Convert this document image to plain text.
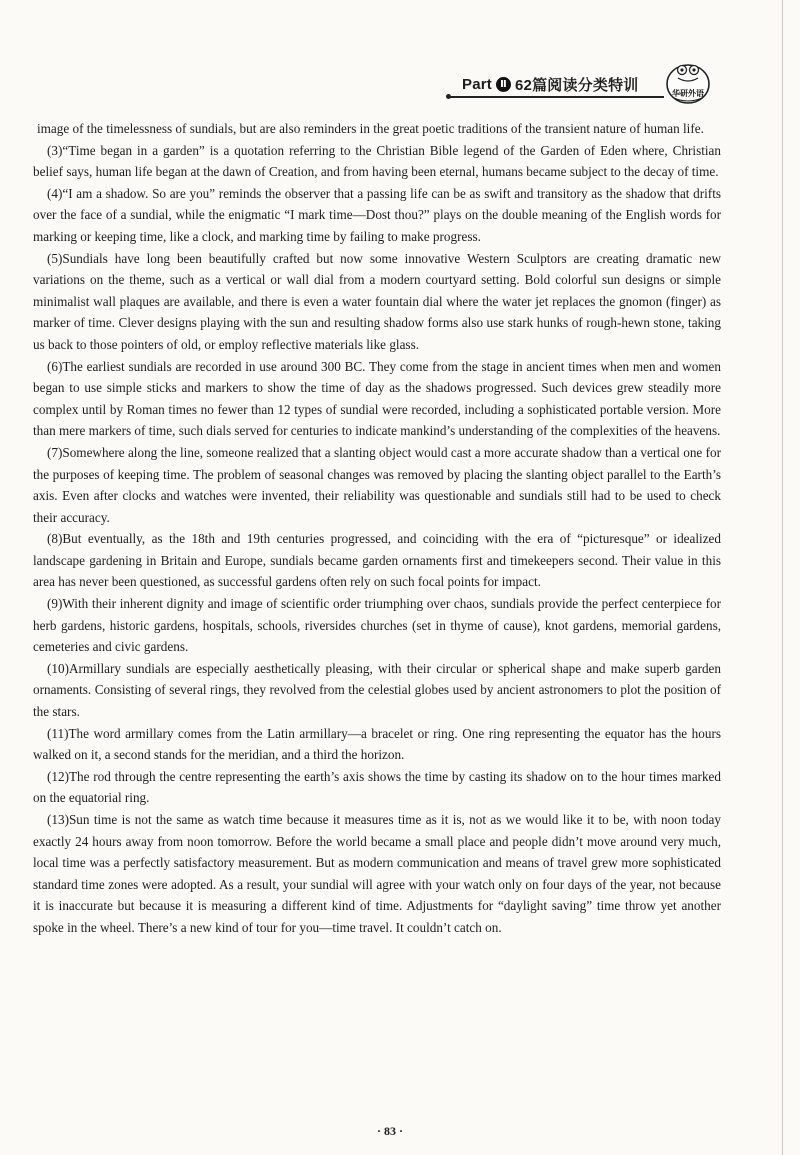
Part Ⅱ 62篇阅读分类特训	华研外语

image of the timelessness of sundials, but are also reminders in the great poetic traditions of the transient nature of human life.

(3)“Time began in a garden” is a quotation referring to the Christian Bible legend of the Garden of Eden where, Christian belief says, human life began at the dawn of Creation, and from having been eternal, humans became subject to the decay of time.

(4)“I am a shadow. So are you” reminds the observer that a passing life can be as swift and transitory as the shadow that drifts over the face of a sundial, while the enigmatic “I mark time—Dost thou?” plays on the double meaning of the English words for marking or keeping time, like a clock, and marking time by failing to make progress.

(5)Sundials have long been beautifully crafted but now some innovative Western Sculptors are creating dramatic new variations on the theme, such as a vertical or wall dial from a modern courtyard setting. Bold colorful sun designs or simple minimalist wall plaques are available, and there is even a water fountain dial where the water jet replaces the gnomon (finger) as marker of time. Clever designs playing with the sun and resulting shadow forms also use stark hunks of rough-hewn stone, taking us back to those pointers of old, or employ reflective materials like glass.

(6)The earliest sundials are recorded in use around 300 BC. They come from the stage in ancient times when men and women began to use simple sticks and markers to show the time of day as the shadows progressed. Such devices grew steadily more complex until by Roman times no fewer than 12 types of sundial were recorded, including a sophisticated portable version. More than mere markers of time, such dials served for centuries to indicate mankind’s understanding of the complexities of the heavens.

(7)Somewhere along the line, someone realized that a slanting object would cast a more accurate shadow than a vertical one for the purposes of keeping time. The problem of seasonal changes was removed by placing the slanting object parallel to the Earth’s axis. Even after clocks and watches were invented, their reliability was questionable and sundials still had to be used to check their accuracy.

(8)But eventually, as the 18th and 19th centuries progressed, and coinciding with the era of “picturesque” or idealized landscape gardening in Britain and Europe, sundials became garden ornaments first and timekeepers second. Their value in this area has never been questioned, as successful gardens often rely on such focal points for impact.

(9)With their inherent dignity and image of scientific order triumphing over chaos, sundials provide the perfect centerpiece for herb gardens, historic gardens, hospitals, schools, riversides churches (set in thyme of cause), knot gardens, memorial gardens, cemeteries and civic gardens.

(10)Armillary sundials are especially aesthetically pleasing, with their circular or spherical shape and make superb garden ornaments. Consisting of several rings, they revolved from the celestial globes used by ancient astronomers to plot the position of the stars.

(11)The word armillary comes from the Latin armillary—a bracelet or ring. One ring representing the equator has the hours walked on it, a second stands for the meridian, and a third the horizon.

(12)The rod through the centre representing the earth’s axis shows the time by casting its shadow on to the hour times marked on the equatorial ring.

(13)Sun time is not the same as watch time because it measures time as it is, not as we would like it to be, with noon today exactly 24 hours away from noon tomorrow. Before the world became a small place and people didn’t move around very much, local time was a perfectly satisfactory measurement. But as modern communication and means of travel grew more sophisticated standard time zones were adopted. As a result, your sundial will agree with your watch only on four days of the year, not because it is inaccurate but because it is measuring a different kind of time. Adjustments for “daylight saving” time throw yet another spoke in the wheel. There’s a new kind of tour for you—time travel. It couldn’t catch on.

· 83 ·
